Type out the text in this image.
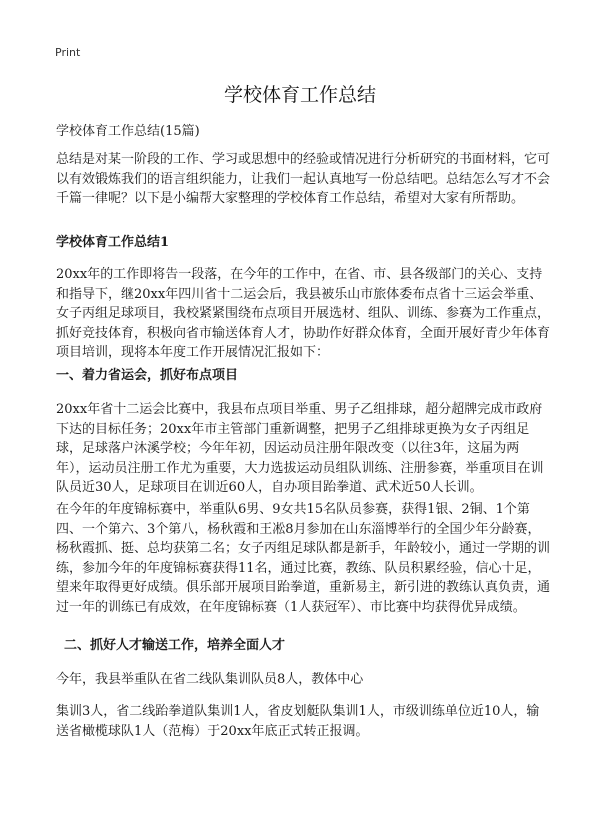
Print
学校体育工作总结

学校体育工作总结(15篇)

总结是对某一阶段的工作、学习或思想中的经验或情况进行分析研究的书面材料，它可以有效锻炼我们的语言组织能力，让我们一起认真地写一份总结吧。总结怎么写才不会千篇一律呢？以下是小编帮大家整理的学校体育工作总结，希望对大家有所帮助。

学校体育工作总结1

20xx年的工作即将告一段落，在今年的工作中，在省、市、县各级部门的关心、支持和指导下，继20xx年四川省十二运会后，我县被乐山市旅体委布点省十三运会举重、女子丙组足球项目，我校紧紧围绕布点项目开展选材、组队、训练、参赛为工作重点，抓好竞技体育，积极向省市输送体育人才，协助作好群众体育，全面开展好青少年体育项目培训，现将本年度工作开展情况汇报如下：

一、着力省运会，抓好布点项目

20xx年省十二运会比赛中，我县布点项目举重、男子乙组排球，超分超牌完成市政府下达的目标任务；20xx年市主管部门重新调整，把男子乙组排球更换为女子丙组足球，足球落户沐溪学校；今年年初，因运动员注册年限改变（以往3年，这届为两年），运动员注册工作尤为重要，大力选拔运动员组队训练、注册参赛，举重项目在训队员近30人，足球项目在训近60人，自办项目跆拳道、武术近50人长训。

在今年的年度锦标赛中，举重队6男、9女共15名队员参赛，获得1银、2铜、1个第四、一个第六、3个第八，杨秋霞和王凇8月参加在山东淄博举行的全国少年分龄赛，杨秋霞抓、挺、总均获第二名；女子丙组足球队都是新手，年龄较小，通过一学期的训练，参加今年的年度锦标赛获得11名，通过比赛，教练、队员积累经验，信心十足，望来年取得更好成绩。俱乐部开展项目跆拳道，重新易主，新引进的教练认真负责，通过一年的训练已有成效，在年度锦标赛（1人获冠军）、市比赛中均获得优异成绩。

二、抓好人才输送工作，培养全面人才

今年，我县举重队在省二线队集训队员8人，教体中心

集训3人，省二线跆拳道队集训1人，省皮划艇队集训1人，市级训练单位近10人，输送省橄榄球队1人（范梅）于20xx年底正式转正报调。
